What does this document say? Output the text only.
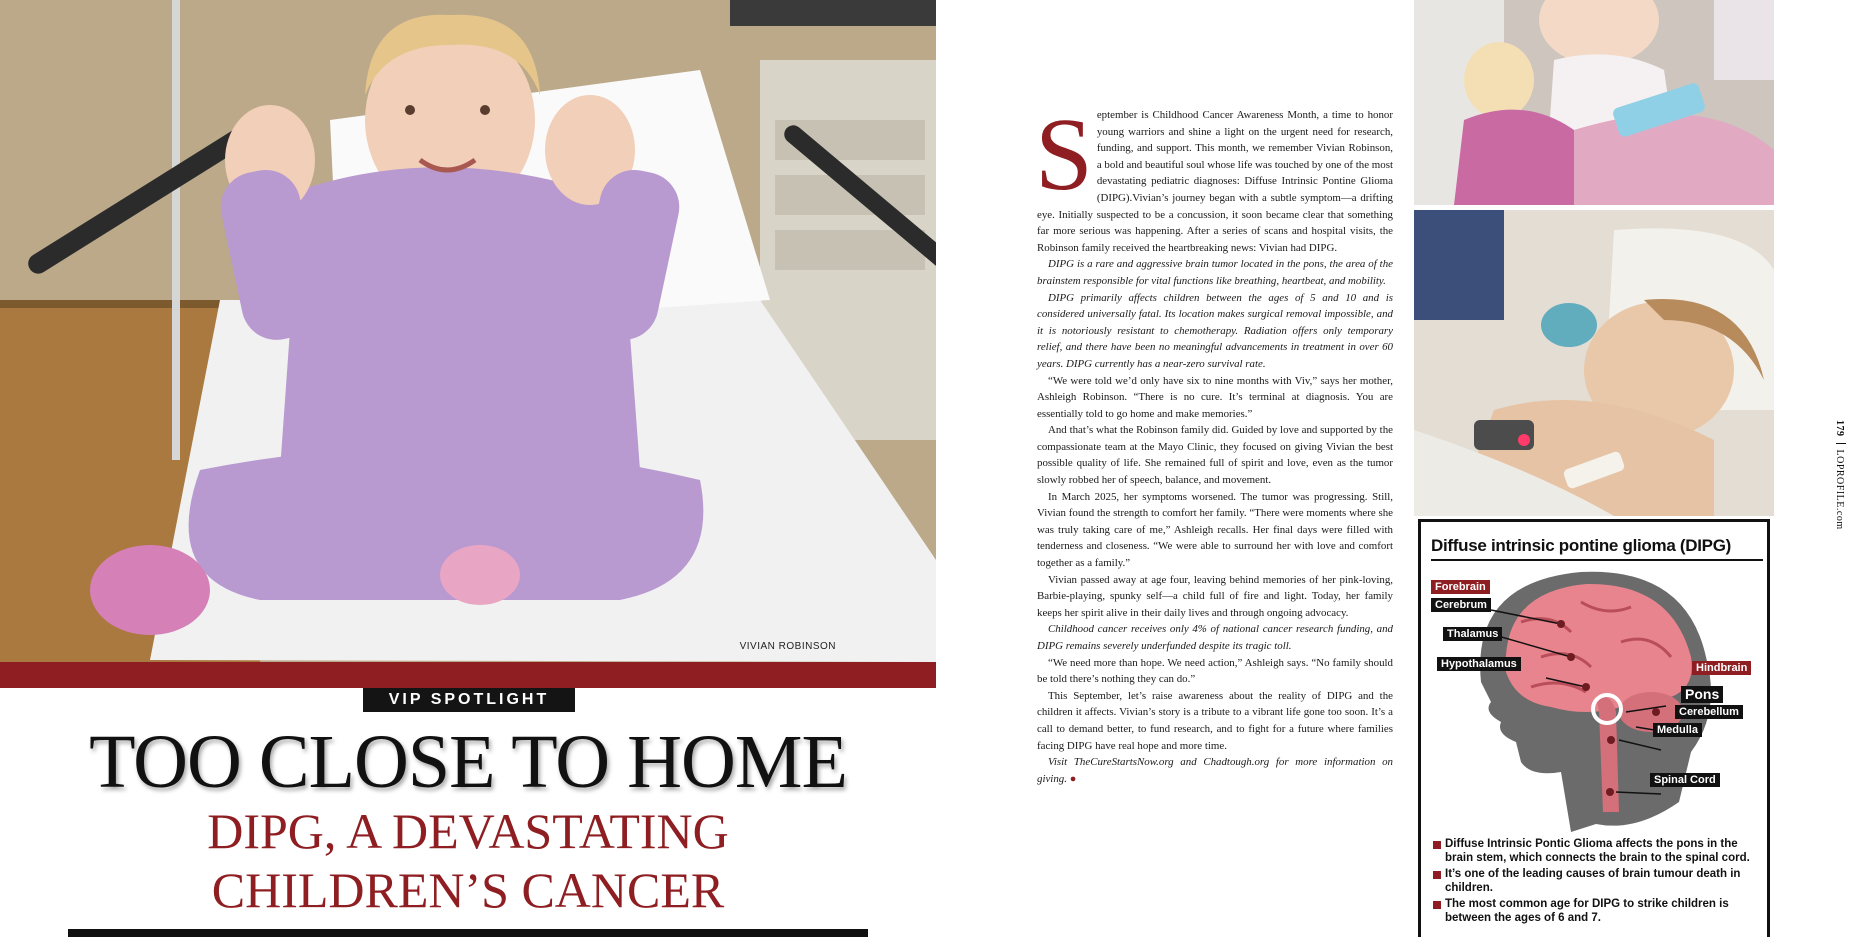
VIVIAN ROBINSON
VIP SPOTLIGHT
TOO CLOSE TO HOME
DIPG, A DEVASTATING
CHILDREN’S CANCER
S eptember is Childhood Cancer Awareness Month, a time to honor young warriors and shine a light on the urgent need for research, funding, and support. This month, we remember Vivian Robinson, a bold and beautiful soul whose life was touched by one of the most devastating pediatric diagnoses: Diffuse Intrinsic Pontine Glioma (DIPG).Vivian’s journey began with a subtle symptom—a drifting eye. Initially suspected to be a concussion, it soon became clear that something far more serious was happening. After a series of scans and hospital visits, the Robinson family received the heartbreaking news: Vivian had DIPG.

DIPG is a rare and aggressive brain tumor located in the pons, the area of the brainstem responsible for vital functions like breathing, heartbeat, and mobility.

DIPG primarily affects children between the ages of 5 and 10 and is considered universally fatal. Its location makes surgical removal impossible, and it is notoriously resistant to chemotherapy. Radiation offers only temporary relief, and there have been no meaningful advancements in treatment in over 60 years. DIPG currently has a near-zero survival rate.

“We were told we’d only have six to nine months with Viv,” says her mother, Ashleigh Robinson. “There is no cure. It’s terminal at diagnosis. You are essentially told to go home and make memories.”

And that’s what the Robinson family did. Guided by love and supported by the compassionate team at the Mayo Clinic, they focused on giving Vivian the best possible quality of life. She remained full of spirit and love, even as the tumor slowly robbed her of speech, balance, and movement.

In March 2025, her symptoms worsened. The tumor was progressing. Still, Vivian found the strength to comfort her family. “There were moments where she was truly taking care of me,” Ashleigh recalls. Her final days were filled with tenderness and closeness. “We were able to surround her with love and comfort together as a family.”

Vivian passed away at age four, leaving behind memories of her pink-loving, Barbie-playing, spunky self—a child full of fire and light. Today, her family keeps her spirit alive in their daily lives and through ongoing advocacy.

Childhood cancer receives only 4% of national cancer research funding, and DIPG remains severely underfunded despite its tragic toll.

“We need more than hope. We need action,” Ashleigh says. “No family should be told there’s nothing they can do.”

This September, let’s raise awareness about the reality of DIPG and the children it affects. Vivian’s story is a tribute to a vibrant life gone too soon. It’s a call to demand better, to fund research, and to fight for a future where families facing DIPG have real hope and more time.

Visit TheCureStartsNow.org and Chadtough.org for more information on giving. ●

Diffuse intrinsic pontine glioma (DIPG)
Forebrain
Cerebrum
Thalamus
Hypothalamus	Hindbrain
Pons
Cerebellum
Medulla
Spinal Cord
Diffuse Intrinsic Pontic Glioma affects the pons in the brain stem, which connects the brain to the spinal cord.
It’s one of the leading causes of brain tumour death in children.
The most common age for DIPG to strike children is between the ages of 6 and 7.
179LOPROFILE.com
